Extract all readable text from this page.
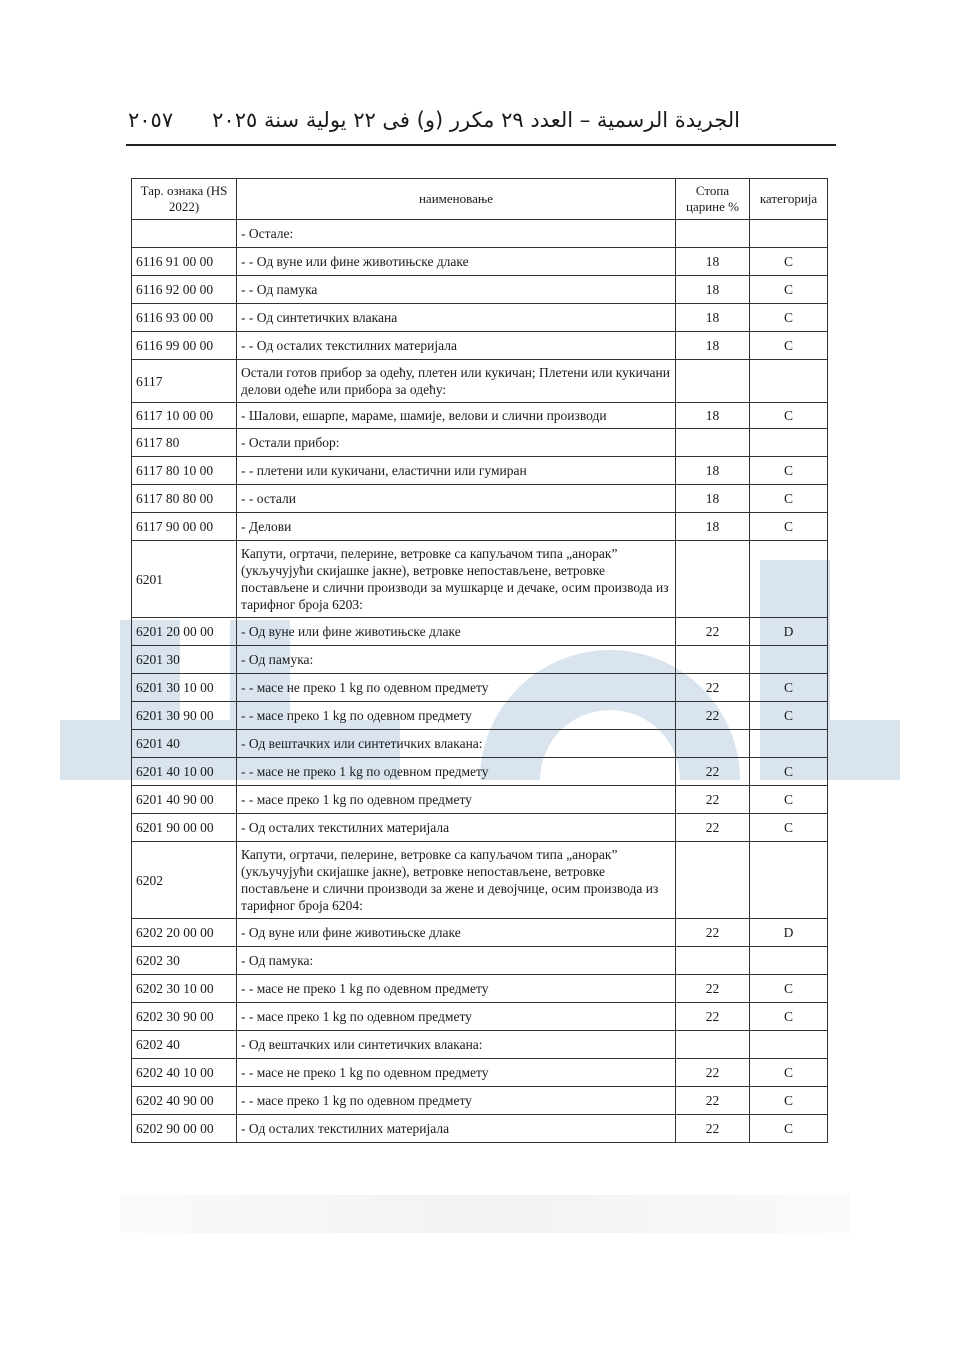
٢٠٥٧ الجريدة الرسمية – العدد ٢٩ مكرر (و) فى ٢٢ يولية سنة ٢٠٢٥
Тар. ознака (HS 2022)	наименовање	Стопа царине %	категорија
	- Остале:		
6116 91 00 00	- - Од вуне или фине животињске длаке	18	C
6116 92 00 00	- - Од памука	18	C
6116 93 00 00	- - Од синтетичких влакана	18	C
6116 99 00 00	- - Од осталих текстилних материјала	18	C
6117	Остали готов прибор за одећу, плетен или кукичан; Плетени или кукичани делови одеће или прибора за одећу:		
6117 10 00 00	- Шалови, ешарпе, мараме, шамије, велови и слични производи	18	C
6117 80	- Остали прибор:		
6117 80 10 00	- - плетени или кукичани, еластични или гумиран	18	C
6117 80 80 00	- - остали	18	C
6117 90 00 00	- Делови	18	C
6201	Капути, огртачи, пелерине, ветровке са капуљачом типа „анорак” (укључујући скијашке јакне), ветровке непостављене, ветровке постављене и слични производи за мушкарце и дечаке, осим производа из тарифног броја 6203:		
6201 20 00 00	- Од вуне или фине животињске длаке	22	D
6201 30	- Од памука:		
6201 30 10 00	- - масе не преко 1 kg по одевном предмету	22	C
6201 30 90 00	- - масе преко 1 kg по одевном предмету	22	C
6201 40	- Од вештачких или синтетичких влакана:		
6201 40 10 00	- - масе не преко 1 kg по одевном предмету	22	C
6201 40 90 00	- - масе преко 1 kg по одевном предмету	22	C
6201 90 00 00	- Од осталих текстилних материјала	22	C
6202	Капути, огртачи, пелерине, ветровке са капуљачом типа „анорак” (укључујући скијашке јакне), ветровке непостављене, ветровке постављене и слични производи за жене и девојчице, осим производа из тарифног броја 6204:		
6202 20 00 00	- Од вуне или фине животињске длаке	22	D
6202 30	- Од памука:		
6202 30 10 00	- - масе не преко 1 kg по одевном предмету	22	C
6202 30 90 00	- - масе преко 1 kg по одевном предмету	22	C
6202 40	- Од вештачких или синтетичких влакана:		
6202 40 10 00	- - масе не преко 1 kg по одевном предмету	22	C
6202 40 90 00	- - масе преко 1 kg по одевном предмету	22	C
6202 90 00 00	- Од осталих текстилних материјала	22	C
